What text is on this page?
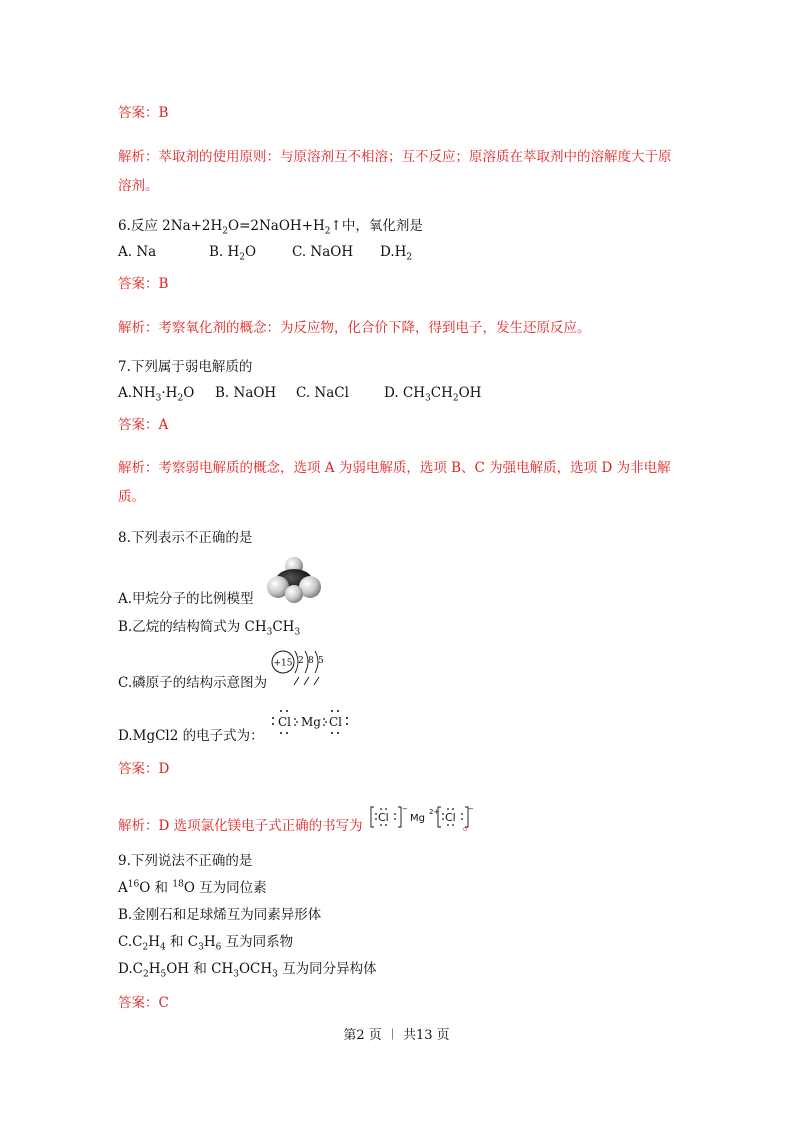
答案：B
解析：萃取剂的使用原则：与原溶剂互不相溶；互不反应；原溶质在萃取剂中的溶解度大于原溶剂。
6.反应 $2Na+2H_2O=2NaOH+H_2↑$中，氧化剂是
A. Na	B. $H_2O$	C. NaOH $D.H_2$
答案：B
解析：考察氧化剂的概念：为反应物，化合价下降，得到电子，发生还原反应。
7.下列属于弱电解质的
$A.NH_3\cdot H_2O$ B. NaOH C. NaCl	D. $CH_3CH_2OH$
答案：A
解析：考察弱电解质的概念，选项 A 为弱电解质，选项 B、C 为强电解质，选项 D 为非电解质。
8.下列表示不正确的是
A.甲烷分子的比例模型
B.乙烷的结构简式为 $CH_3CH_3$
C.磷原子的结构示意图为
+15 2 8 5
D.MgCl2 的电子式为：
Cl Mg Cl
答案：D
解析：D 选项氯化镁电子式正确的书写为	。
Cl
−
Mg
2+ Cl
−
9.下列说法不正确的是
$A^{16}O$ 和 $^{18}$O 互为同位素
B.金刚石和足球烯互为同素异形体
$C.C_2H_4$ 和 $C_3H_6$ 互为同系物
$D.C_2H_5OH$ 和 $CH_3OCH_3$ 互为同分异构体
答案：C
第2 页 ︱ 共13 页
